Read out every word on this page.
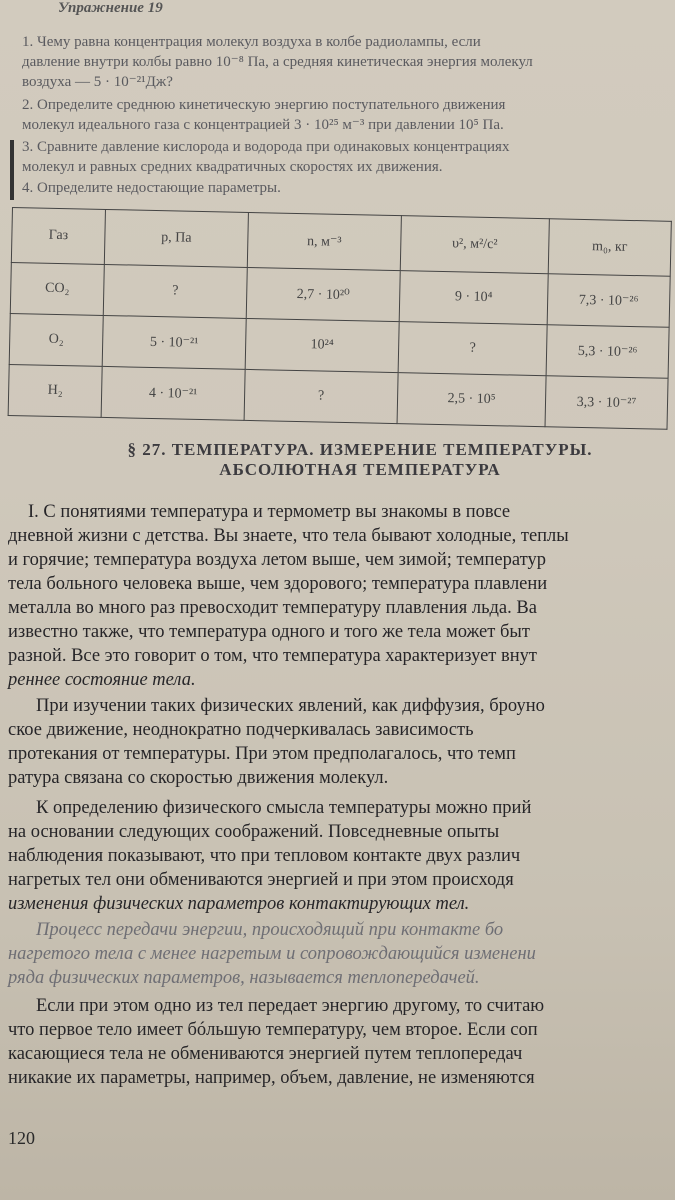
Упражнение 19
1. Чему равна концентрация молекул воздуха в колбе радиолампы, если
давление внутри колбы равно 10⁻⁸ Па, а средняя кинетическая энергия молекул
воздуха — 5 · 10⁻²¹Дж?
2. Определите среднюю кинетическую энергию поступательного движения
молекул идеального газа с концентрацией 3 · 10²⁵ м⁻³ при давлении 10⁵ Па.
3. Сравните давление кислорода и водорода при одинаковых концентрациях
молекул и равных средних квадратичных скоростях их движения.
4. Определите недостающие параметры.
Газ	p, Па	n, м⁻³	υ², м²/с²	m₀, кг
CO₂	?	2,7 · 10²⁰	9 · 10⁴	7,3 · 10⁻²⁶
O₂	5 · 10⁻²¹	10²⁴	?	5,3 · 10⁻²⁶
H₂	4 · 10⁻²¹	?	2,5 · 10⁵	3,3 · 10⁻²⁷
§ 27. ТЕМПЕРАТУРА. ИЗМЕРЕНИЕ ТЕМПЕРАТУРЫ.
АБСОЛЮТНАЯ ТЕМПЕРАТУРА
I. С понятиями температура и термометр вы знакомы в повсе
дневной жизни с детства. Вы знаете, что тела бывают холодные, теплы
и горячие; температура воздуха летом выше, чем зимой; температур
тела больного человека выше, чем здорового; температура плавлени
металла во много раз превосходит температуру плавления льда. Ва
известно также, что температура одного и того же тела может быт
разной. Все это говорит о том, что температура характеризует внут
реннее состояние тела.
При изучении таких физических явлений, как диффузия, броуно
ское движение, неоднократно подчеркивалась зависимость
протекания от температуры. При этом предполагалось, что темп
ратура связана со скоростью движения молекул.
К определению физического смысла температуры можно прий
на основании следующих соображений. Повседневные опыты
наблюдения показывают, что при тепловом контакте двух различ
нагретых тел они обмениваются энергией и при этом происходя
изменения физических параметров контактирующих тел.
Процесс передачи энергии, происходящий при контакте бо
нагретого тела с менее нагретым и сопровождающийся изменени
ряда физических параметров, называется теплопередачей.
Если при этом одно из тел передает энергию другому, то считаю
что первое тело имеет бóльшую температуру, чем второе. Если соп
касающиеся тела не обмениваются энергией путем теплопередач
никакие их параметры, например, объем, давление, не изменяются
120
